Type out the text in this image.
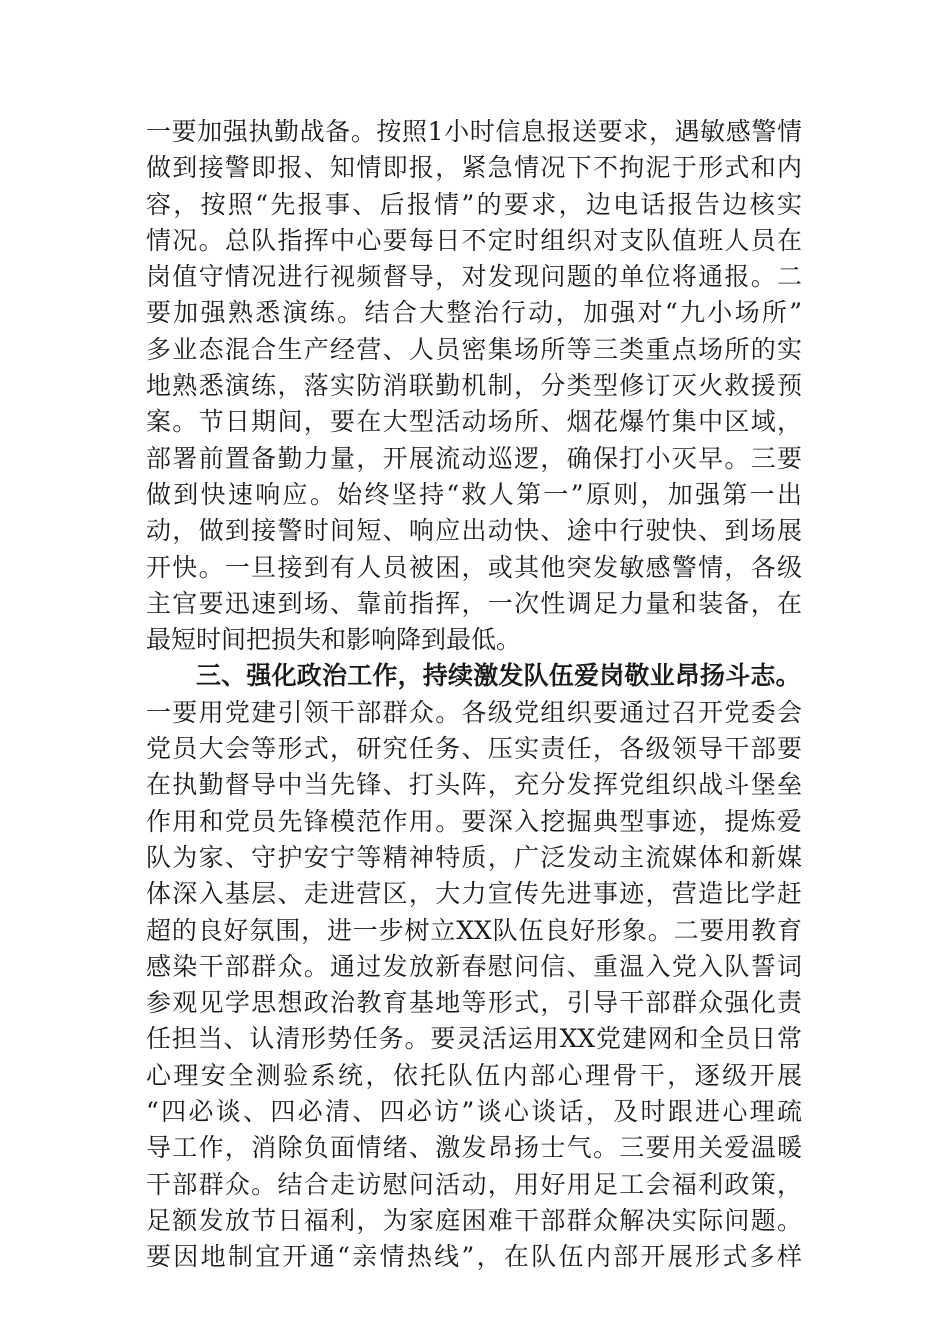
一要加强执勤战备。按照1小时信息报送要求，遇敏感警情
做到接警即报、知情即报，紧急情况下不拘泥于形式和内
容，按照“先报事、后报情”的要求，边电话报告边核实
情况。总队指挥中心要每日不定时组织对支队值班人员在
岗值守情况进行视频督导，对发现问题的单位将通报。二
要加强熟悉演练。结合大整治行动，加强对“九小场所”
多业态混合生产经营、人员密集场所等三类重点场所的实
地熟悉演练，落实防消联勤机制，分类型修订灭火救援预
案。节日期间，要在大型活动场所、烟花爆竹集中区域，
部署前置备勤力量，开展流动巡逻，确保打小灭早。三要
做到快速响应。始终坚持“救人第一”原则，加强第一出
动，做到接警时间短、响应出动快、途中行驶快、到场展
开快。一旦接到有人员被困，或其他突发敏感警情，各级
主官要迅速到场、靠前指挥，一次性调足力量和装备，在
最短时间把损失和影响降到最低。
三、强化政治工作，持续激发队伍爱岗敬业昂扬斗志。
一要用党建引领干部群众。各级党组织要通过召开党委会
党员大会等形式，研究任务、压实责任，各级领导干部要
在执勤督导中当先锋、打头阵，充分发挥党组织战斗堡垒
作用和党员先锋模范作用。要深入挖掘典型事迹，提炼爱
队为家、守护安宁等精神特质，广泛发动主流媒体和新媒
体深入基层、走进营区，大力宣传先进事迹，营造比学赶
超的良好氛围，进一步树立XX队伍良好形象。二要用教育
感染干部群众。通过发放新春慰问信、重温入党入队誓词
参观见学思想政治教育基地等形式，引导干部群众强化责
任担当、认清形势任务。要灵活运用XX党建网和全员日常
心理安全测验系统，依托队伍内部心理骨干，逐级开展
“四必谈、四必清、四必访”谈心谈话，及时跟进心理疏
导工作，消除负面情绪、激发昂扬士气。三要用关爱温暖
干部群众。结合走访慰问活动，用好用足工会福利政策，
足额发放节日福利，为家庭困难干部群众解决实际问题。
要因地制宜开通“亲情热线”，在队伍内部开展形式多样
